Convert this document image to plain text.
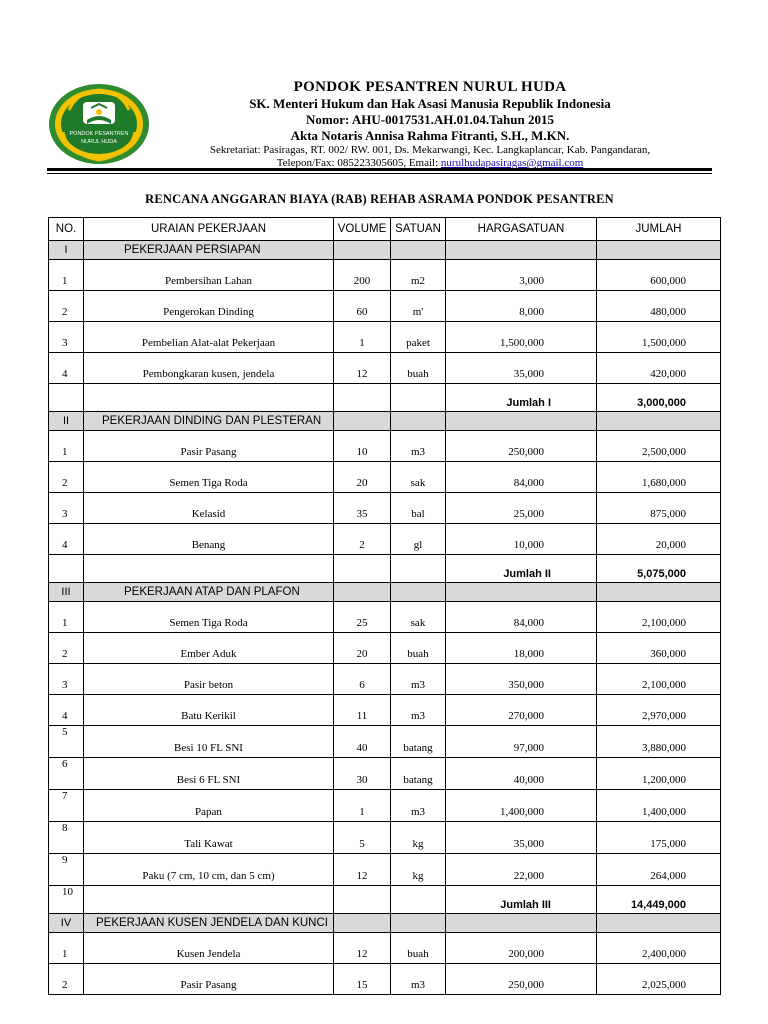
PONDOK PESANTREN
NURUL HUDA
PONDOK PESANTREN NURUL HUDA
SK. Menteri Hukum dan Hak Asasi Manusia Republik Indonesia
Nomor: AHU-0017531.AH.01.04.Tahun 2015
Akta Notaris Annisa Rahma Fitranti, S.H., M.KN.
Sekretariat: Pasiragas, RT. 002/ RW. 001, Ds. Mekarwangi, Kec. Langkaplancar, Kab. Pangandaran,
Telepon/Fax: 085223305605, Email: nurulhudapasiragas@gmail.com
RENCANA ANGGARAN BIAYA (RAB) REHAB ASRAMA PONDOK PESANTREN
NO.	URAIAN PEKERJAAN	VOLUME	SATUAN	HARGASATUAN	JUMLAH
I	PEKERJAAN PERSIAPAN				
1	Pembersihan Lahan	200	m2	3,000	600,000
2	Pengerokan Dinding	60	m'	8,000	480,000
3	Pembelian Alat-alat Pekerjaan	1	paket	1,500,000	1,500,000
4	Pembongkaran kusen, jendela	12	buah	35,000	420,000
				Jumlah I	3,000,000
II	PEKERJAAN DINDING DAN PLESTERAN				
1	Pasir Pasang	10	m3	250,000	2,500,000
2	Semen Tiga Roda	20	sak	84,000	1,680,000
3	Kelasid	35	bal	25,000	875,000
4	Benang	2	gl	10,000	20,000
				Jumlah II	5,075,000
III	PEKERJAAN ATAP DAN PLAFON				
1	Semen Tiga Roda	25	sak	84,000	2,100,000
2	Ember Aduk	20	buah	18,000	360,000
3	Pasir beton	6	m3	350,000	2,100,000
4	Batu Kerikil	11	m3	270,000	2,970,000
5	Besi 10 FL SNI	40	batang	97,000	3,880,000
6	Besi 6 FL SNI	30	batang	40,000	1,200,000
7	Papan	1	m3	1,400,000	1,400,000
8	Tali Kawat	5	kg	35,000	175,000
9	Paku (7 cm, 10 cm, dan 5 cm)	12	kg	22,000	264,000
10				Jumlah III	14,449,000
IV	PEKERJAAN KUSEN JENDELA DAN KUNCI				
1	Kusen Jendela	12	buah	200,000	2,400,000
2	Pasir Pasang	15	m3	250,000	2,025,000
